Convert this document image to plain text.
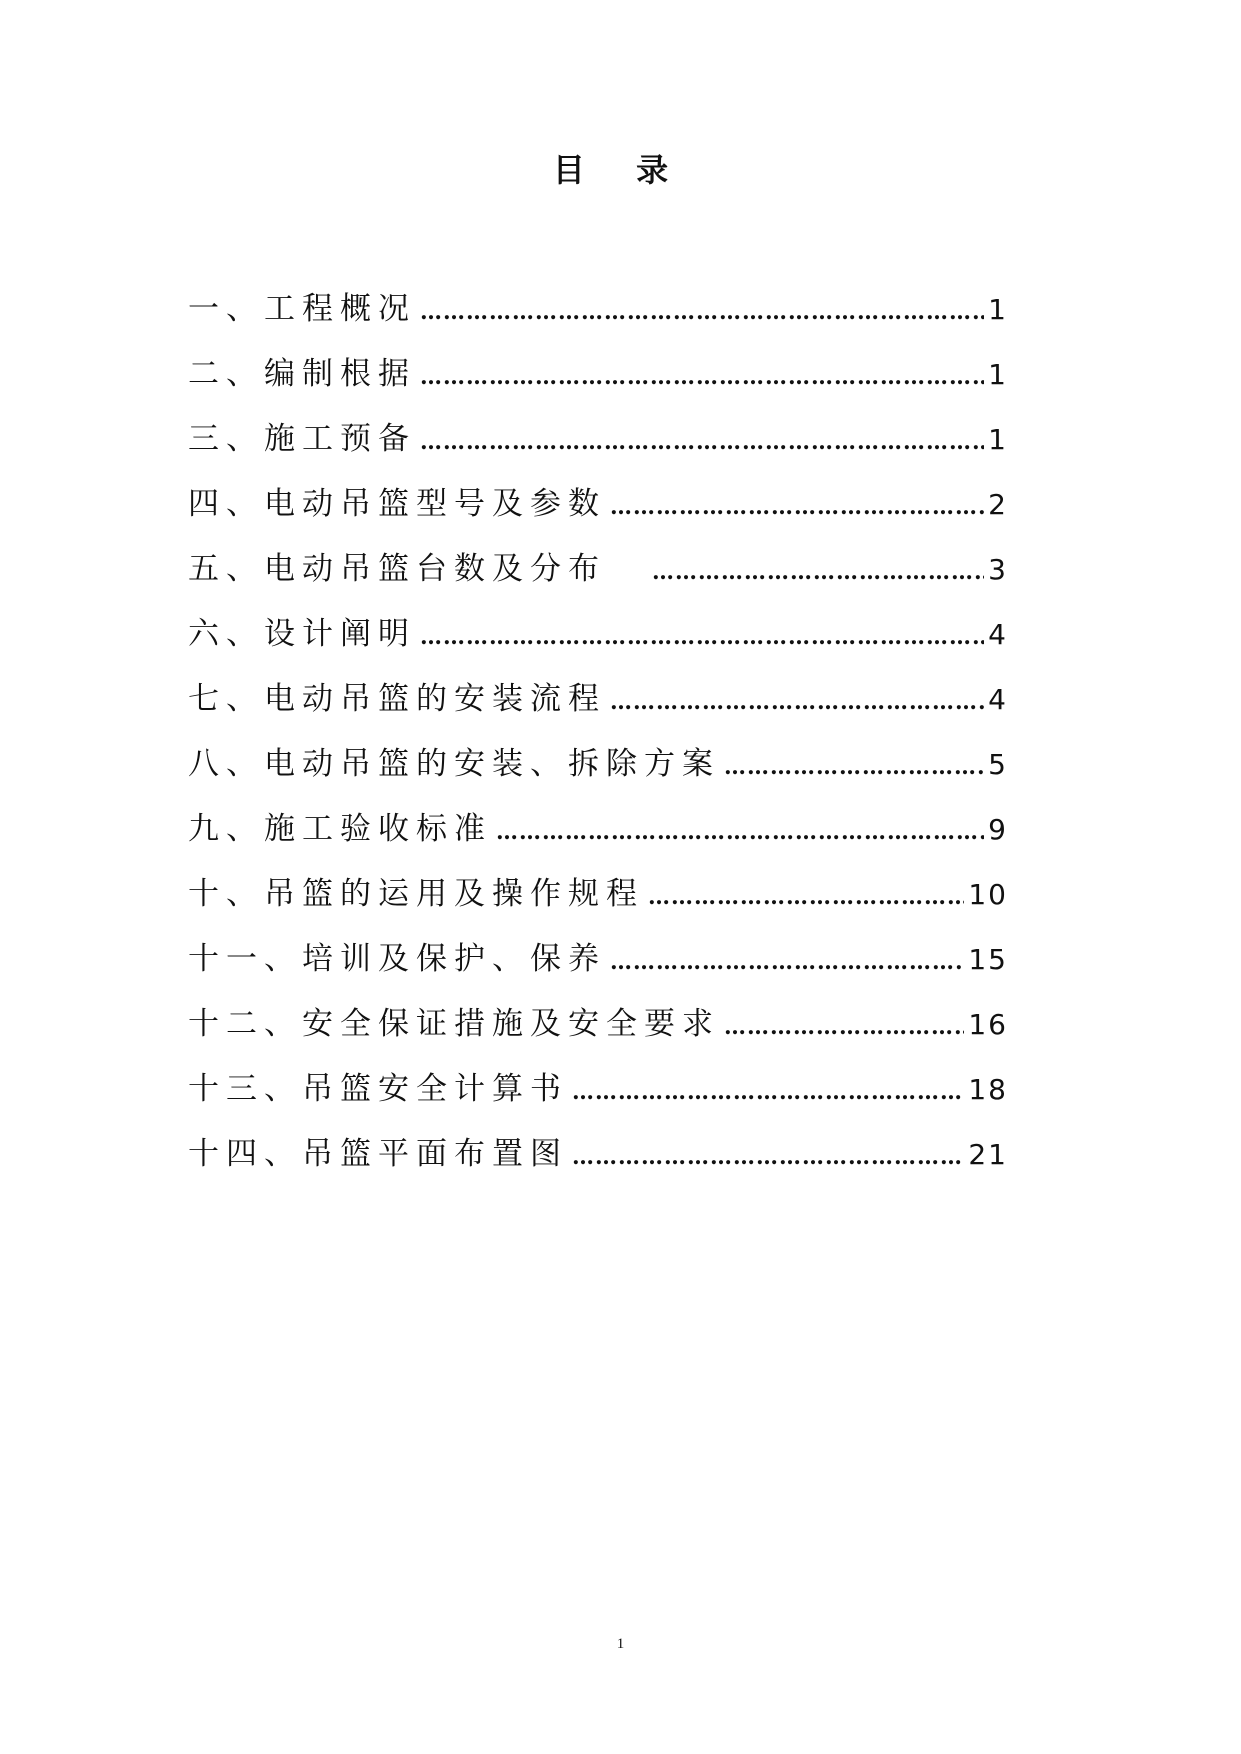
目 录
一、工程概况 …………………………………………………………………………………………………………	1
二、编制根据 …………………………………………………………………………………………………………	1
三、施工预备 …………………………………………………………………………………………………………	1
四、电动吊篮型号及参数 …………………………………………………………………………………………………………	2
五、电动吊篮台数及分布 …………………………………………………………………………………………………………	3
六、设计阐明 …………………………………………………………………………………………………………	4
七、电动吊篮的安装流程 …………………………………………………………………………………………………………	4
八、电动吊篮的安装、拆除方案 …………………………………………………………………………………………………………	5
九、施工验收标准 …………………………………………………………………………………………………………	9
十、吊篮的运用及操作规程 …………………………………………………………………………………………………………	10
十一、培训及保护、保养 …………………………………………………………………………………………………………	15
十二、安全保证措施及安全要求 …………………………………………………………………………………………………………	16
十三、吊篮安全计算书 …………………………………………………………………………………………………………	18
十四、吊篮平面布置图 …………………………………………………………………………………………………………	21
1
